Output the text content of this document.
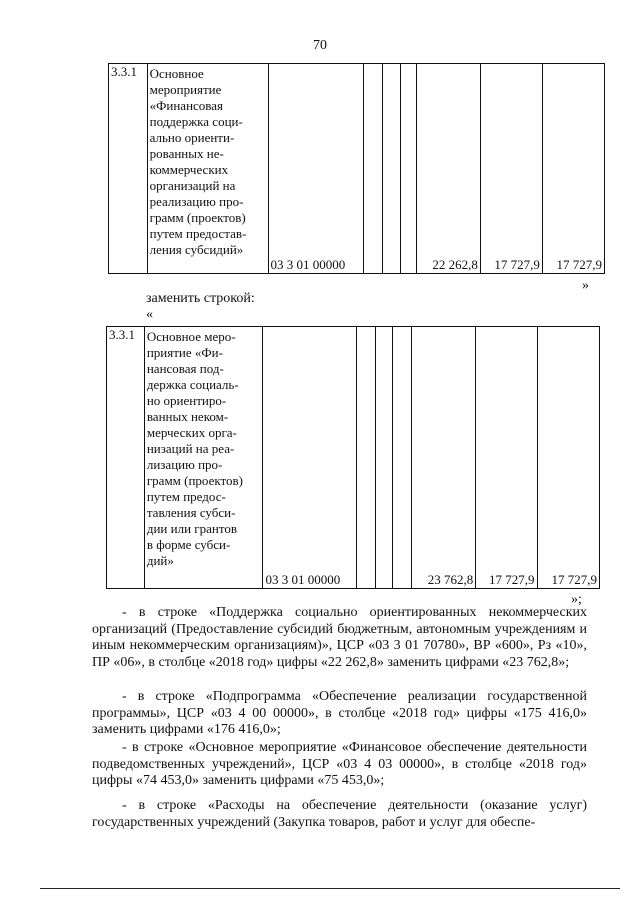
70
3.3.1	Основное
мероприятие
«Финансовая
поддержка соци-
ально ориенти-
рованных не-
коммерческих
организаций на
реализацию про-
грамм (проектов)
путем предостав-
ления субсидий»
	03 3 01 00000				22 262,8	17 727,9	17 727,9
»
заменить строкой:
«
3.3.1	Основное меро-
приятие «Фи-
нансовая под-
держка социаль-
но ориентиро-
ванных неком-
мерческих орга-
низаций на реа-
лизацию про-
грамм (проектов)
путем предос-
тавления субси-
дии или грантов
в форме субси-
дий»
	03 3 01 00000				23 762,8	17 727,9	17 727,9
»;
- в строке «Поддержка социально ориентированных некоммерческих организаций (Предоставление субсидий бюджетным, автономным учреждениям и иным некоммерческим организациям)», ЦСР «03 3 01 70780», ВР «600», Рз «10», ПР «06», в столбце «2018 год» цифры «22 262,8» заменить цифрами «23 762,8»;
- в строке «Подпрограмма «Обеспечение реализации государственной программы», ЦСР «03 4 00 00000», в столбце «2018 год» цифры «175 416,0» заменить цифрами «176 416,0»;
- в строке «Основное мероприятие «Финансовое обеспечение деятельности подведомственных учреждений», ЦСР «03 4 03 00000», в столбце «2018 год» цифры «74 453,0» заменить цифрами «75 453,0»;
- в строке «Расходы на обеспечение деятельности (оказание услуг) государственных учреждений (Закупка товаров, работ и услуг для обеспе-
